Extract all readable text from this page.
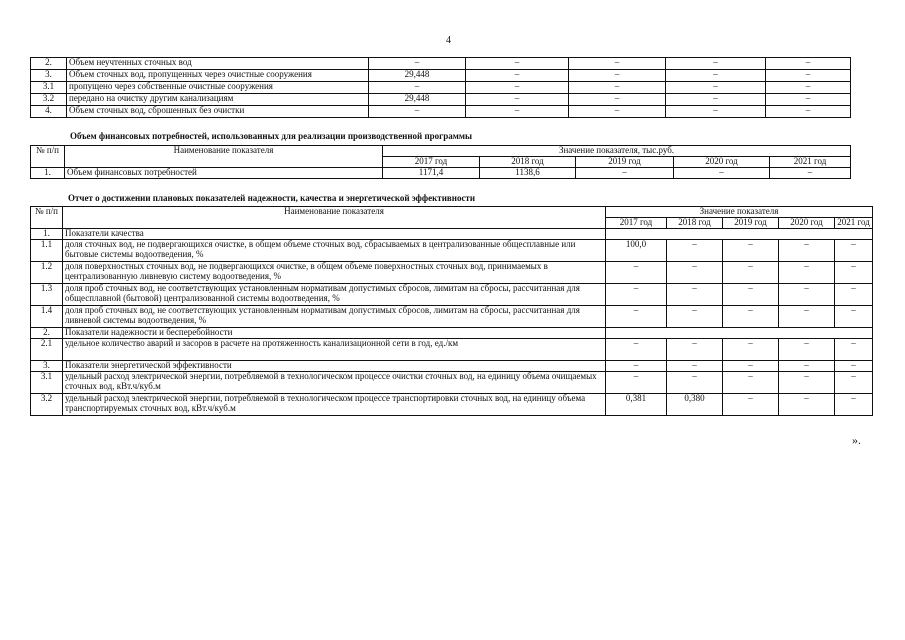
4
2.	Объем неучтенных сточных вод	–	–	–	–	–
3.	Объем сточных вод, пропущенных через очистные сооружения	29,448	–	–	–	–
3.1	пропущено через собственные очистные сооружения	–	–	–	–	–
3.2	передано на очистку другим канализациям	29,448	–	–	–	–
4.	Объем сточных вод, сброшенных без очистки	–	–	–	–	–
Объем финансовых потребностей, использованных для реализации производственной программы
№ п/п	Наименование показателя	Значение показателя, тыс.руб.				
		2017 год	2018 год	2019 год	2020 год	2021 год
1.	Объем финансовых потребностей	1171,4	1138,6	–	–	–
Отчет о достижении плановых показателей надежности, качества и энергетической эффективности
№ п/п	Наименование показателя	Значение показателя				
		2017 год	2018 год	2019 год	2020 год	2021 год
1.	Показатели качества					
1.1	доля сточных вод, не подвергающихся очистке, в общем объеме сточных вод, сбрасываемых в централизованные общесплавные или бытовые системы водоотведения, %	100,0	–	–	–	–
1.2	доля поверхностных сточных вод, не подвергающихся очистке, в общем объеме поверхностных сточных вод, принимаемых в централизованную ливневую систему водоотведения, %	–	–	–	–	–
1.3	доля проб сточных вод, не соответствующих установленным нормативам допустимых сбросов, лимитам на сбросы, рассчитанная для общесплавной (бытовой) централизованной системы водоотведения, %	–	–	–	–	–
1.4	доля проб сточных вод, не соответствующих установленным нормативам допустимых сбросов, лимитам на сбросы, рассчитанная для ливневой системы водоотведения, %	–	–	–	–	–
2.	Показатели надежности и бесперебойности					
2.1	удельное количество аварий и засоров в расчете на протяженность канализационной сети в год, ед./км	–	–	–	–	–
3.	Показатели энергетической эффективности	–	–	–	–	–
3.1	удельный расход электрической энергии, потребляемой в технологическом процессе очистки сточных вод, на единицу объема очищаемых сточных вод, кВт.ч/куб.м	–	–	–	–	–
3.2	удельный расход электрической энергии, потребляемой в технологическом процессе транспортировки сточных вод, на единицу объема транспортируемых сточных вод, кВт.ч/куб.м	0,381	0,380	–	–	–
».
